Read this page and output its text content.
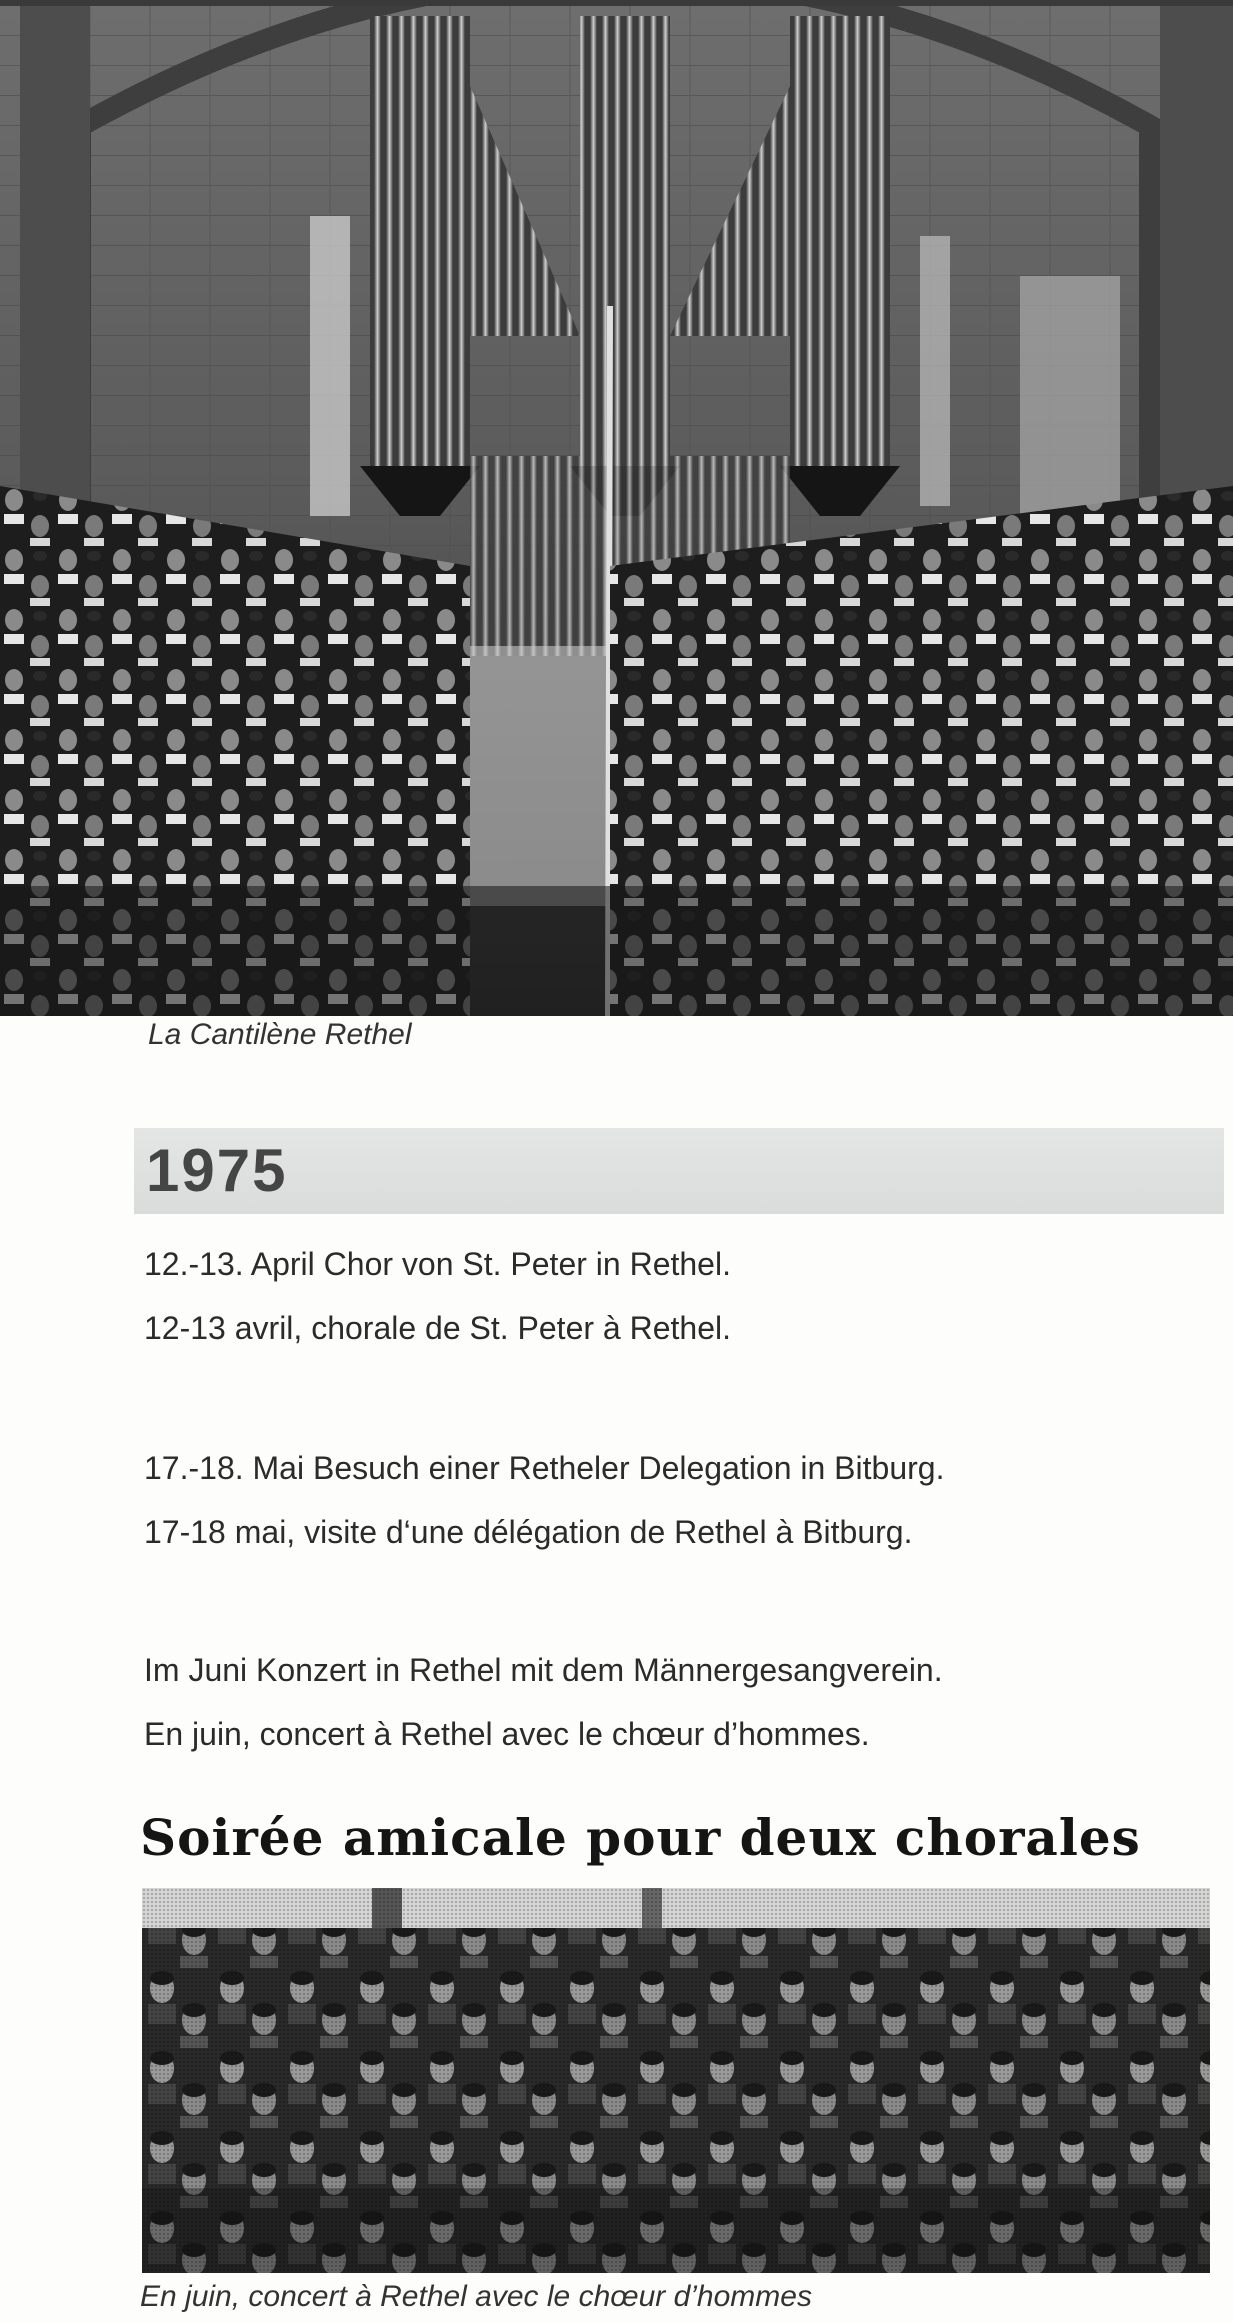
La Cantilène Rethel
1975
12.-13. April Chor von St. Peter in Rethel.
12-13 avril, chorale de St. Peter à Rethel.
17.-18. Mai Besuch einer Retheler Delegation in Bitburg.
17-18 mai, visite d‘une délégation de Rethel à Bitburg.
Im Juni Konzert in Rethel mit dem Männergesangverein.
En juin, concert à Rethel avec le chœur d’hommes.
Soirée amicale pour deux chorales
En juin, concert à Rethel avec le chœur d’hommes
